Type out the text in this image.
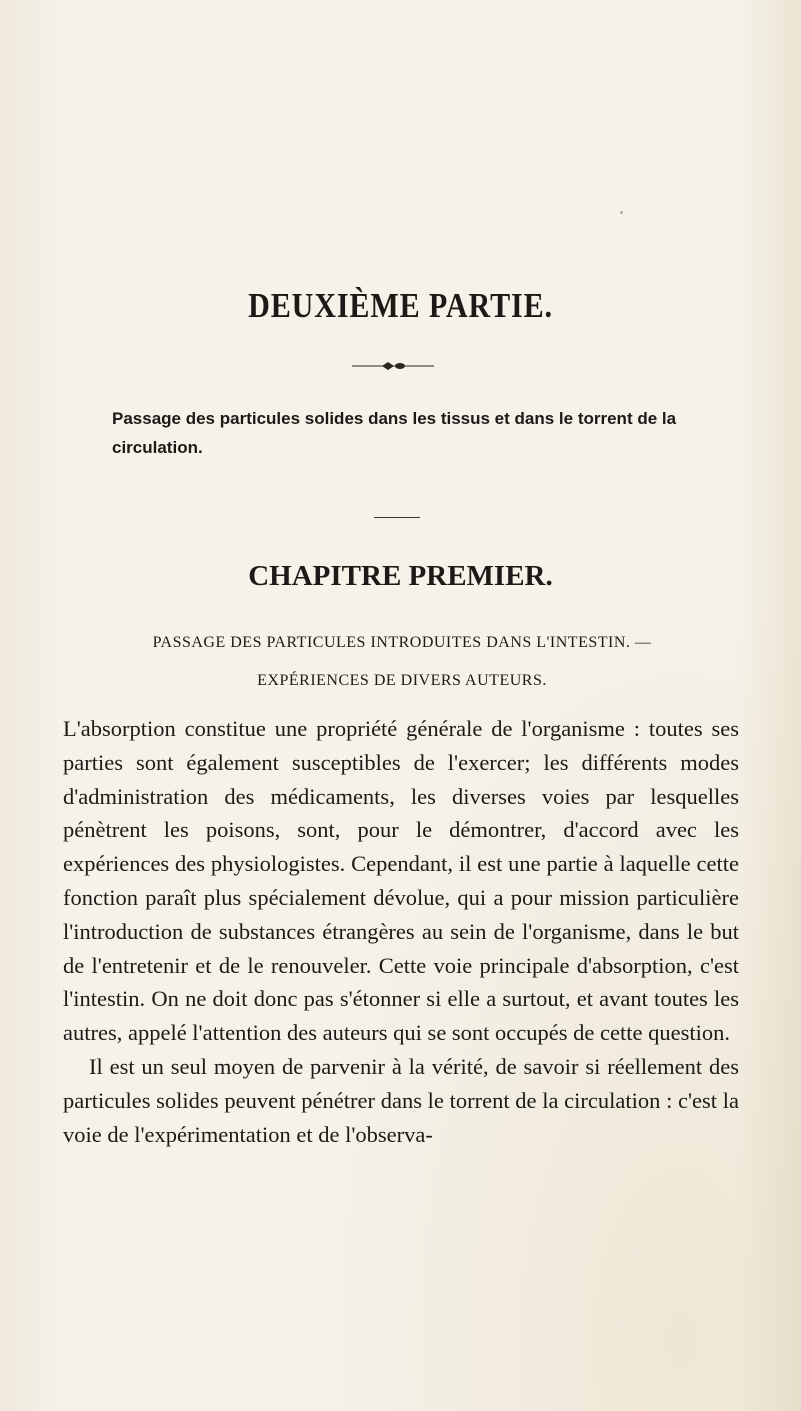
DEUXIÈME PARTIE.

Passage des particules solides dans les tissus et dans le torrent de la circulation.

CHAPITRE PREMIER.
PASSAGE DES PARTICULES INTRODUITES DANS L'INTESTIN. —
EXPÉRIENCES DE DIVERS AUTEURS.

L'absorption constitue une propriété générale de l'organisme : toutes ses parties sont également susceptibles de l'exercer; les différents modes d'administration des médicaments, les diverses voies par lesquelles pénètrent les poisons, sont, pour le démontrer, d'accord avec les expériences des physiologistes. Cependant, il est une partie à laquelle cette fonction paraît plus spécialement dévolue, qui a pour mission particulière l'introduction de substances étrangères au sein de l'organisme, dans le but de l'entretenir et de le renouveler. Cette voie principale d'absorption, c'est l'intestin. On ne doit donc pas s'étonner si elle a surtout, et avant toutes les autres, appelé l'attention des auteurs qui se sont occupés de cette question.

Il est un seul moyen de parvenir à la vérité, de savoir si réellement des particules solides peuvent pénétrer dans le torrent de la circulation : c'est la voie de l'expérimentation et de l'observa-
